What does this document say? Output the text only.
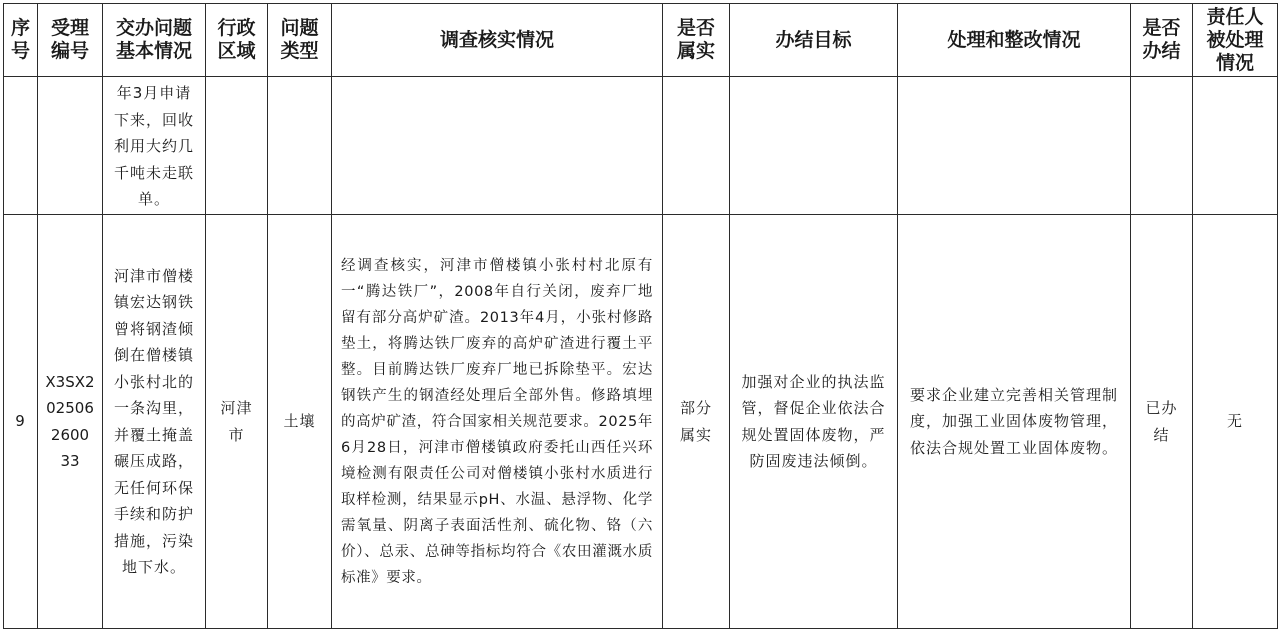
序号	受理编号	交办问题基本情况	行政区域	问题类型	调查核实情况	是否属实	办结目标	处理和整改情况	是否办结	责任人被处理情况

		年3月申请下来，回收利用大约几千吨未走联单。								

9	X3SX2025062600 33	河津市僧楼镇宏达钢铁曾将钢渣倾倒在僧楼镇小张村北的一条沟里，并覆土掩盖碾压成路，无任何环保手续和防护措施，污染地下水。	河津市	土壤	经调查核实，河津市僧楼镇小张村村北原有一“腾达铁厂”，2008年自行关闭，废弃厂地留有部分高炉矿渣。2013年4月，小张村修路垫土，将腾达铁厂废弃的高炉矿渣进行覆土平整。目前腾达铁厂废弃厂地已拆除垫平。宏达钢铁产生的钢渣经处理后全部外售。修路填埋的高炉矿渣，符合国家相关规范要求。2025年6月28日，河津市僧楼镇政府委托山西任兴环境检测有限责任公司对僧楼镇小张村水质进行取样检测，结果显示pH、水温、悬浮物、化学需氧量、阴离子表面活性剂、硫化物、铬（六价）、总汞、总砷等指标均符合《农田灌溉水质标准》要求。	部分属实	加强对企业的执法监管，督促企业依法合规处置固体废物，严防固废违法倾倒。	要求企业建立完善相关管理制度，加强工业固体废物管理，依法合规处置工业固体废物。	已办结	无
